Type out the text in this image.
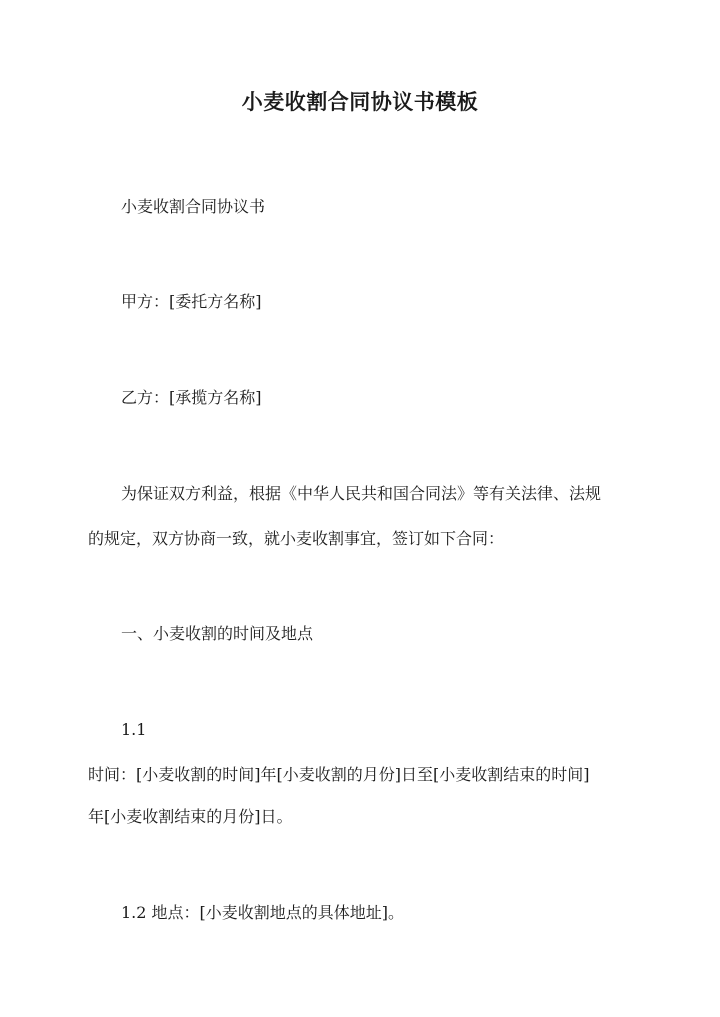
小麦收割合同协议书模板
小麦收割合同协议书
甲方：[委托方名称]
乙方：[承揽方名称]
为保证双方利益，根据《中华人民共和国合同法》等有关法律、法规
的规定，双方协商一致，就小麦收割事宜，签订如下合同：
一、小麦收割的时间及地点
1.1
时间：[小麦收割的时间]年[小麦收割的月份]日至[小麦收割结束的时间]
年[小麦收割结束的月份]日。
1.2 地点：[小麦收割地点的具体地址]。
